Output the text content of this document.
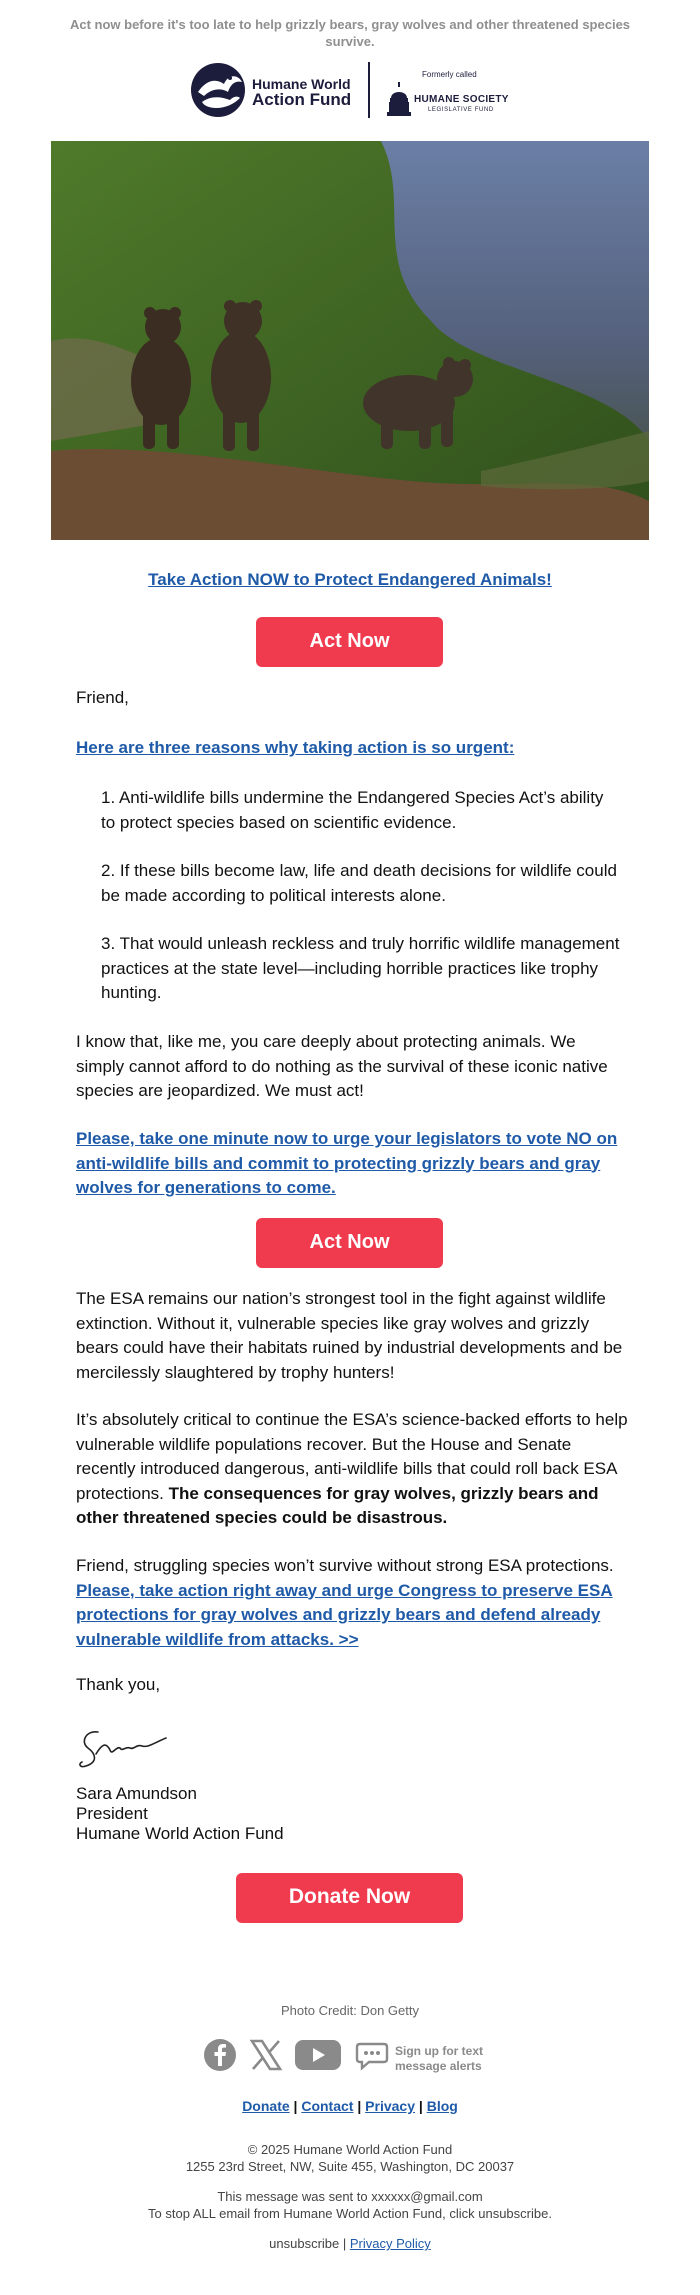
Act now before it's too late to help grizzly bears, gray wolves and other threatened species survive.
Humane World
Action Fund
Formerly called
HUMANE SOCIETY
LEGISLATIVE FUND
Take Action NOW to Protect Endangered Animals!
Act Now
Friend,
Here are three reasons why taking action is so urgent:
1. Anti-wildlife bills undermine the Endangered Species Act’s ability to protect species based on scientific evidence.
2. If these bills become law, life and death decisions for wildlife could be made according to political interests alone.
3. That would unleash reckless and truly horrific wildlife management practices at the state level—including horrible practices like trophy hunting.
I know that, like me, you care deeply about protecting animals. We simply cannot afford to do nothing as the survival of these iconic native species are jeopardized. We must act!
Please, take one minute now to urge your legislators to vote NO on anti-wildlife bills and commit to protecting grizzly bears and gray wolves for generations to come.
Act Now
The ESA remains our nation’s strongest tool in the fight against wildlife extinction. Without it, vulnerable species like gray wolves and grizzly bears could have their habitats ruined by industrial developments and be mercilessly slaughtered by trophy hunters!
It’s absolutely critical to continue the ESA’s science-backed efforts to help vulnerable wildlife populations recover. But the House and Senate recently introduced dangerous, anti-wildlife bills that could roll back ESA protections. The consequences for gray wolves, grizzly bears and other threatened species could be disastrous.
Friend, struggling species won’t survive without strong ESA protections. Please, take action right away and urge Congress to preserve ESA protections for gray wolves and grizzly bears and defend already vulnerable wildlife from attacks. >>
Thank you,
Sara Amundson
President
Humane World Action Fund
Donate Now
Photo Credit: Don Getty
Sign up for text
message alerts
Donate | Contact | Privacy | Blog
© 2025 Humane World Action Fund
1255 23rd Street, NW, Suite 455, Washington, DC 20037
This message was sent to xxxxxx@gmail.com
To stop ALL email from Humane World Action Fund, click unsubscribe.
unsubscribe | Privacy Policy
